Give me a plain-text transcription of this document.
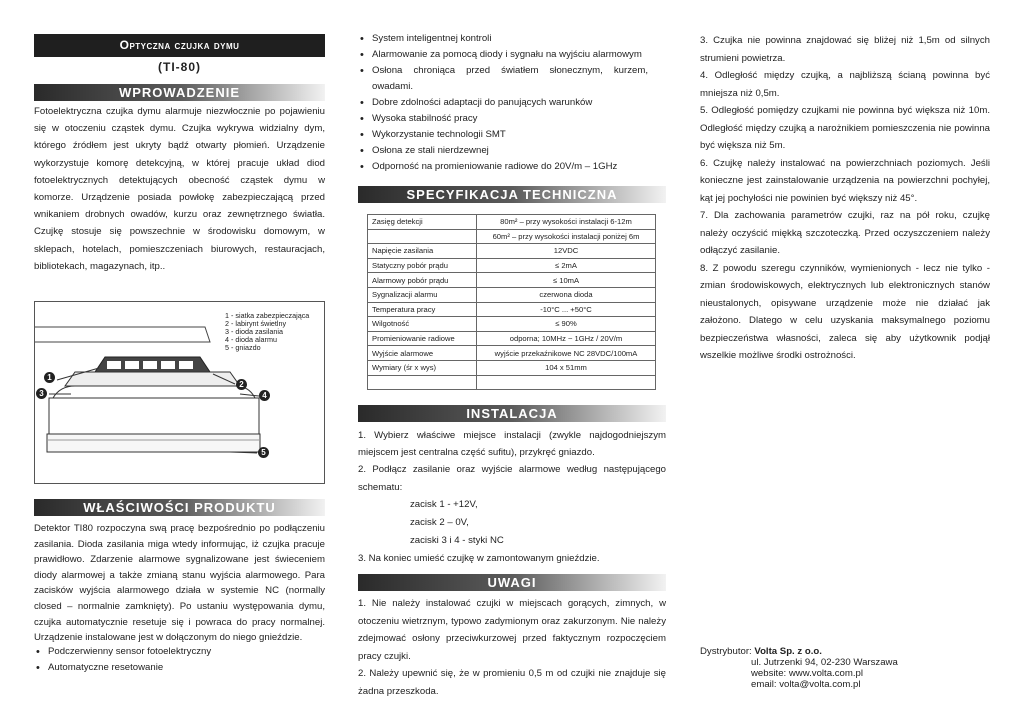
Optyczna czujka dymu
(TI-80)
WPROWADZENIE

Fotoelektryczna czujka dymu alarmuje niezwłocznie po pojawieniu się w otoczeniu cząstek dymu. Czujka wykrywa widzialny dym, którego źródłem jest ukryty bądź otwarty płomień. Urządzenie wykorzystuje komorę detekcyjną, w której pracuje układ diod fotoelektrycznych detektujących obecność cząstek dymu w komorze. Urządzenie posiada powłokę zabezpieczającą przed wnikaniem drobnych owadów, kurzu oraz zewnętrznego światła. Czujkę stosuje się powszechnie w środowisku domowym, w sklepach, hotelach, pomieszczeniach biurowych, restauracjach, bibliotekach, magazynach, itp..

1 - siatka zabezpieczająca
2 - labirynt świetlny
3 - dioda zasilania
4 - dioda alarmu
5 - gniazdo
1
3
2
4
5
WŁAŚCIWOŚCI PRODUKTU

Detektor TI80 rozpoczyna swą pracę bezpośrednio po podłączeniu zasilania. Dioda zasilania miga wtedy informując, iż czujka pracuje prawidłowo. Zdarzenie alarmowe sygnalizowane jest świeceniem diody alarmowej a także zmianą stanu wyjścia alarmowego. Para zacisków wyjścia alarmowego działa w systemie NC (normally closed – normalnie zamknięty). Po ustaniu występowania dymu, czujka automatycznie resetuje się i powraca do pracy normalnej. Urządzenie instalowane jest w dołączonym do niego gnieździe.

• Podczerwienny sensor fotoelektryczny
• Automatyczne resetowanie
• System inteligentnej kontroli
• Alarmowanie za pomocą diody i sygnału na wyjściu alarmowym
• Osłona chroniąca przed światłem słonecznym, kurzem, owadami.
• Dobre zdolności adaptacji do panujących warunków
• Wysoka stabilność pracy
• Wykorzystanie technologii SMT
• Osłona ze stali nierdzewnej
• Odporność na promieniowanie radiowe do 20V/m – 1GHz
SPECYFIKACJA TECHNICZNA
Zasięg detekcji	80m² – przy wysokości instalacji 6-12m
	60m² – przy wysokości instalacji poniżej 6m
Napięcie zasilania	12VDC
Statyczny pobór prądu	≤ 2mA
Alarmowy pobór prądu	≤ 10mA
Sygnalizacji alarmu	czerwona dioda
Temperatura pracy	-10°C ... +50°C
Wilgotność	≤ 90%
Promieniowanie radiowe	odporna; 10MHz ~ 1GHz / 20V/m
Wyjście alarmowe	wyjście przekaźnikowe NC 28VDC/100mA
Wymiary (śr x wys)	104 x 51mm

INSTALACJA

1. Wybierz właściwe miejsce instalacji (zwykle najdogodniejszym miejscem jest centralna część sufitu), przykręć gniazdo.

2. Podłącz zasilanie oraz wyjście alarmowe według następującego schematu:

zacisk 1 - +12V,
zacisk 2 – 0V,
zaciski 3 i 4 - styki NC

3. Na koniec umieść czujkę w zamontowanym gnieździe.

UWAGI
1. Nie należy instalować czujki w miejscach gorących, zimnych, w otoczeniu wietrznym, typowo zadymionym oraz zakurzonym. Nie należy zdejmować osłony przeciwkurzowej przed faktycznym rozpoczęciem pracy czujki.
2. Należy upewnić się, że w promieniu 0,5 m od czujki nie znajduje się żadna przeszkoda.
3. Czujka nie powinna znajdować się bliżej niż 1,5m od silnych strumieni powietrza.
4. Odległość między czujką, a najbliższą ścianą powinna być mniejsza niż 0,5m.
5. Odległość pomiędzy czujkami nie powinna być większa niż 10m. Odległość między czujką a narożnikiem pomieszczenia nie powinna być większa niż 5m.
6. Czujkę należy instalować na powierzchniach poziomych. Jeśli konieczne jest zainstalowanie urządzenia na powierzchni pochyłej, kąt jej pochyłości nie powinien być większy niż 45°.
7. Dla zachowania parametrów czujki, raz na pół roku, czujkę należy oczyścić miękką szczoteczką. Przed oczyszczeniem należy odłączyć zasilanie.
8. Z powodu szeregu czynników, wymienionych - lecz nie tylko - zmian środowiskowych, elektrycznych lub elektronicznych stanów nieustalonych, opisywane urządzenie może nie działać jak założono. Dlatego w celu uzyskania maksymalnego poziomu bezpieczeństwa własności, zaleca się aby użytkownik podjął wszelkie możliwe środki ostrożności.
Dystrybutor: Volta Sp. z o.o.
ul. Jutrzenki 94, 02-230 Warszawa
website: www.volta.com.pl
email: volta@volta.com.pl
